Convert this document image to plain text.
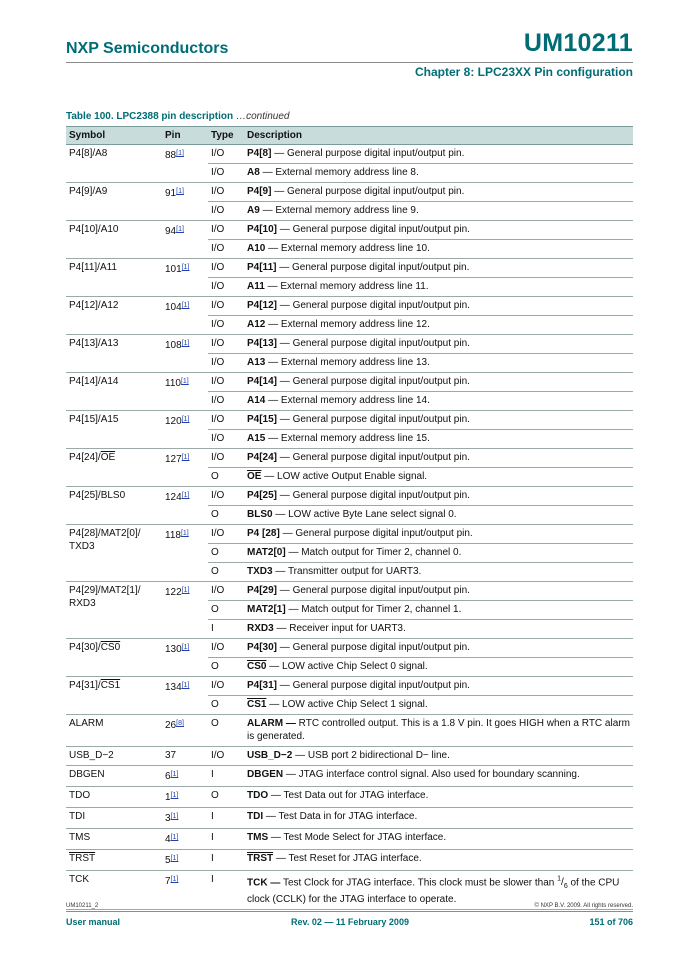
NXP Semiconductors	UM10211
Chapter 8: LPC23XX Pin configuration
Table 100. LPC2388 pin description …continued
Symbol	Pin	Type	Description
P4[8]/A8	88[1]	I/O	P4[8] — General purpose digital input/output pin.
		I/O	A8 — External memory address line 8.
P4[9]/A9	91[1]	I/O	P4[9] — General purpose digital input/output pin.
		I/O	A9 — External memory address line 9.
P4[10]/A10	94[1]	I/O	P4[10] — General purpose digital input/output pin.
		I/O	A10 — External memory address line 10.
P4[11]/A11	101[1]	I/O	P4[11] — General purpose digital input/output pin.
		I/O	A11 — External memory address line 11.
P4[12]/A12	104[1]	I/O	P4[12] — General purpose digital input/output pin.
		I/O	A12 — External memory address line 12.
P4[13]/A13	108[1]	I/O	P4[13] — General purpose digital input/output pin.
		I/O	A13 — External memory address line 13.
P4[14]/A14	110[1]	I/O	P4[14] — General purpose digital input/output pin.
		I/O	A14 — External memory address line 14.
P4[15]/A15	120[1]	I/O	P4[15] — General purpose digital input/output pin.
		I/O	A15 — External memory address line 15.
$P4[24]/\overline{OE}$	127[1]	I/O	P4[24] — General purpose digital input/output pin.
		O	$\overline{OE}$ — LOW active Output Enable signal.
P4[25]/BLS0	124[1]	I/O	P4[25] — General purpose digital input/output pin.
		O	BLS0 — LOW active Byte Lane select signal 0.
P4[28]/MAT2[0]/ TXD3	118[1]	I/O	P4 [28] — General purpose digital input/output pin.
		O	MAT2[0] — Match output for Timer 2, channel 0.
		O	TXD3 — Transmitter output for UART3.
P4[29]/MAT2[1]/ RXD3	122[1]	I/O	P4[29] — General purpose digital input/output pin.
		O	MAT2[1] — Match output for Timer 2, channel 1.
		I	RXD3 — Receiver input for UART3.
P4[30]/CS0	130[1]	I/O	P4[30] — General purpose digital input/output pin.
		O	CS0 — LOW active Chip Select 0 signal.
P4[31]/CS1	134[1]	I/O	P4[31] — General purpose digital input/output pin.
		O	CS1 — LOW active Chip Select 1 signal.
ALARM	26[8]	O	ALARM — RTC controlled output. This is a 1.8 V pin. It goes HIGH when a RTC alarm is generated.
USB_D−2	37	I/O	USB_D−2 — USB port 2 bidirectional D− line.
DBGEN	6[1]	I	DBGEN — JTAG interface control signal. Also used for boundary scanning.
TDO	1[1]	O	TDO — Test Data out for JTAG interface.
TDI	3[1]	I	TDI — Test Data in for JTAG interface.
TMS	4[1]	I	TMS — Test Mode Select for JTAG interface.
TRST	5[1]	I	TRST — Test Reset for JTAG interface.
TCK	7[1]	I	TCK — Test Clock for JTAG interface. This clock must be slower than $^1/_6$ of the CPU clock (CCLK) for the JTAG interface to operate.
UM10211_2	© NXP B.V. 2009. All rights reserved.
User manual	Rev. 02 — 11 February 2009	151 of 706
